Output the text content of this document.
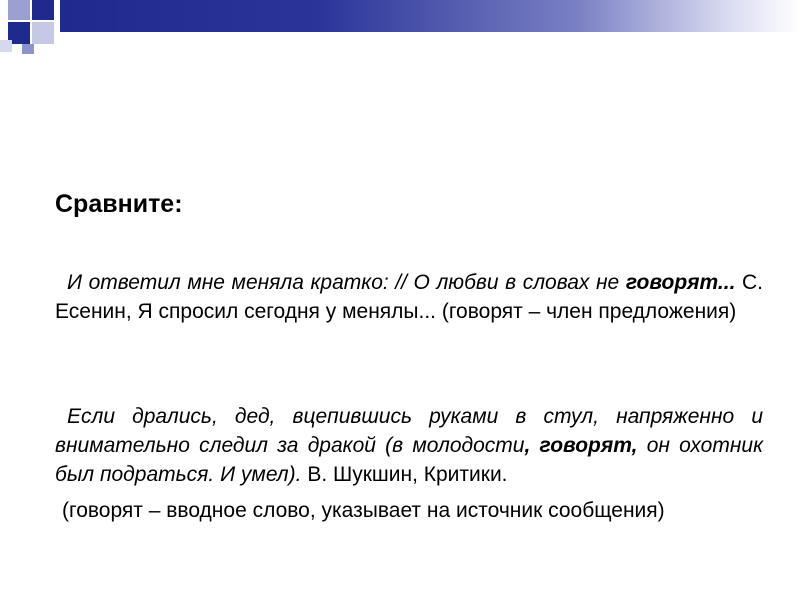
Сравните:
И ответил мне меняла кратко: // О любви в словах не говорят... С. Есенин, Я спросил сегодня у менялы... (говорят – член предложения)
Если дрались, дед, вцепившись руками в стул, напряженно и внимательно следил за дракой (в молодости, говорят, он охотник был подраться. И умел). В. Шукшин, Критики.
(говорят – вводное слово, указывает на источник сообщения)
